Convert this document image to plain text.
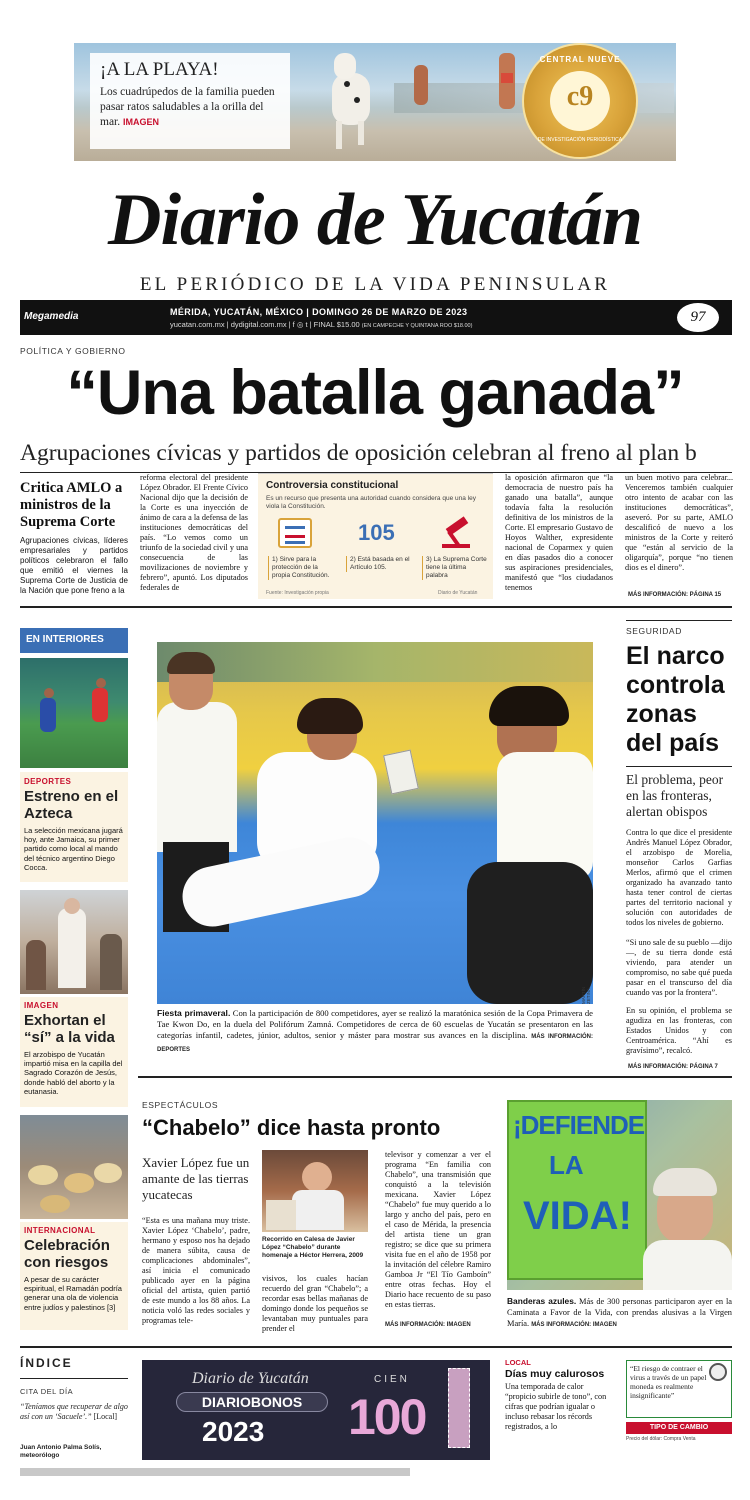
¡A LA PLAYA!
Los cuadrúpedos de la familia pueden pasar ratos saludables a la orilla del mar. IMAGEN
CENTRAL NUEVE
c9
DE INVESTIGACIÓN PERIODÍSTICA
Diario de Yucatán
EL PERIÓDICO DE LA VIDA PENINSULAR
Megamedia	MÉRIDA, YUCATÁN, MÉXICO | DOMINGO 26 DE MARZO DE 2023
yucatan.com.mx | dydigital.com.mx | f ◎ t | FINAL $15.00 (EN CAMPECHE Y QUINTANA ROO $18.00)
97
POLÍTICA Y GOBIERNO
“Una batalla ganada”
Agrupaciones cívicas y partidos de oposición celebran al freno al plan b
Critica AMLO a ministros de la Suprema Corte

Agrupaciones cívicas, líderes empresariales y partidos políticos celebraron el fallo que emitió el viernes la Suprema Corte de Justicia de la Nación que pone freno a la

reforma electoral del presidente López Obrador. El Frente Cívico Nacional dijo que la decisión de la Corte es una inyección de ánimo de cara a la defensa de las instituciones democráticas del país. “Lo vemos como un triunfo de la sociedad civil y una consecuencia de las movilizaciones de noviembre y febrero”, apuntó. Los diputados federales de

Controversia constitucional
Es un recurso que presenta una autoridad cuando considera que una ley viola la Constitución.
105
1) Sirve para la protección de la propia Constitución.
2) Está basada en el Artículo 105.
3) La Suprema Corte tiene la última palabra
Fuente: Investigación propia	Diario de Yucatán

la oposición afirmaron que “la democracia de nuestro país ha ganado una batalla”, aunque todavía falta la resolución definitiva de los ministros de la Corte. El empresario Gustavo de Hoyos Walther, expresidente nacional de Coparmex y quien en días pasados dio a conocer sus aspiraciones presidenciales, manifestó que “los ciudadanos tenemos

un buen motivo para celebrar... Venceremos también cualquier otro intento de acabar con las instituciones democráticas”, aseveró. Por su parte, AMLO descalificó de nuevo a los ministros de la Corte y reiteró que “están al servicio de la oligarquía”, porque “no tienen dios es el dinero”.

MÁS INFORMACIÓN: PÁGINA 15
EN INTERIORES
DEPORTES
Estreno en el Azteca

La selección mexicana jugará hoy, ante Jamaica, su primer partido como local al mando del técnico argentino Diego Cocca.

IMAGEN
Exhortan el “sí” a la vida

El arzobispo de Yucatán impartió misa en la capilla del Sagrado Corazón de Jesús, donde habló del aborto y la eutanasia.

INTERNACIONAL
Celebración con riesgos

A pesar de su carácter espiritual, el Ramadán podría generar una ola de violencia entre judíos y palestinos [3]

MARTÍN ZETINA

Fiesta primaveral. Con la participación de 800 competidores, ayer se realizó la maratónica sesión de la Copa Primavera de Tae Kwon Do, en la duela del Polifórum Zamná. Competidores de cerca de 60 escuelas de Yucatán se presentaron en las categorías infantil, cadetes, júnior, adultos, senior y máster para mostrar sus avances en la disciplina. MÁS INFORMACIÓN: DEPORTES

SEGURIDAD
El narco controla zonas del país
El problema, peor en las fronteras, alertan obispos

Contra lo que dice el presidente Andrés Manuel López Obrador, el arzobispo de Morelia, monseñor Carlos Garfias Merlos, afirmó que el crimen organizado ha avanzado tanto hasta tener control de ciertas partes del territorio nacional y solución con autoridades de todos los niveles de gobierno.

“Si uno sale de su pueblo —dijo—, de su tierra donde está viviendo, para atender un compromiso, no sabe qué pueda pasar en el transcurso del día cuando vas por la frontera”.

En su opinión, el problema se agudiza en las fronteras, con Estados Unidos y con Centroamérica. “Ahí es gravísimo”, recalcó.

MÁS INFORMACIÓN: PÁGINA 7
ESPECTÁCULOS
“Chabelo” dice hasta pronto
Xavier López fue un amante de las tierras yucatecas

“Esta es una mañana muy triste. Xavier López ‘Chabelo’, padre, hermano y esposo nos ha dejado de manera súbita, causa de complicaciones abdominales”, así inicia el comunicado publicado ayer en la página oficial del artista, quien partió de este mundo a los 88 años. La noticia voló las redes sociales y programas tele-

Recorrido en Calesa de Javier López “Chabelo” durante homenaje a Héctor Herrera, 2009

visivos, los cuales hacían recuerdo del gran “Chabelo”; a recordar esas bellas mañanas de domingo donde los pequeños se levantaban muy puntuales para prender el

televisor y comenzar a ver el programa “En familia con Chabelo”, una transmisión que conquistó a la televisión mexicana. Xavier López “Chabelo” fue muy querido a lo largo y ancho del país, pero en el caso de Mérida, la presencia del artista tiene un gran registro; se dice que su primera visita fue en el año de 1958 por la invitación del célebre Ramiro Gamboa Jr “El Tío Gamboín” entre otras fechas. Hoy el Diario hace recuento de su paso en estas tierras.

MÁS INFORMACIÓN: IMAGEN
¡DEFIENDE
LA
VIDA!

Banderas azules. Más de 300 personas participaron ayer en la Caminata a Favor de la Vida, con prendas alusivas a la Virgen María. MÁS INFORMACIÓN: IMAGEN

ÍNDICE
CITA DEL DÍA
“Teníamos que recuperar de algo así con un ‘Sacuele’.” [Local]
Juan Antonio Palma Solís, meteorólogo
Diario de Yucatán
DIARIOBONOS
2023
CIEN
100
LOCAL
Días muy calurosos

Una temporada de calor “propicio subirle de tono”, con cifras que podrían igualar o incluso rebasar los récords registrados, a lo

“El riesgo de contraer el virus a través de un papel moneda es realmente insignificante”
TIPO DE CAMBIO
Precio del dólar: Compra Venta
